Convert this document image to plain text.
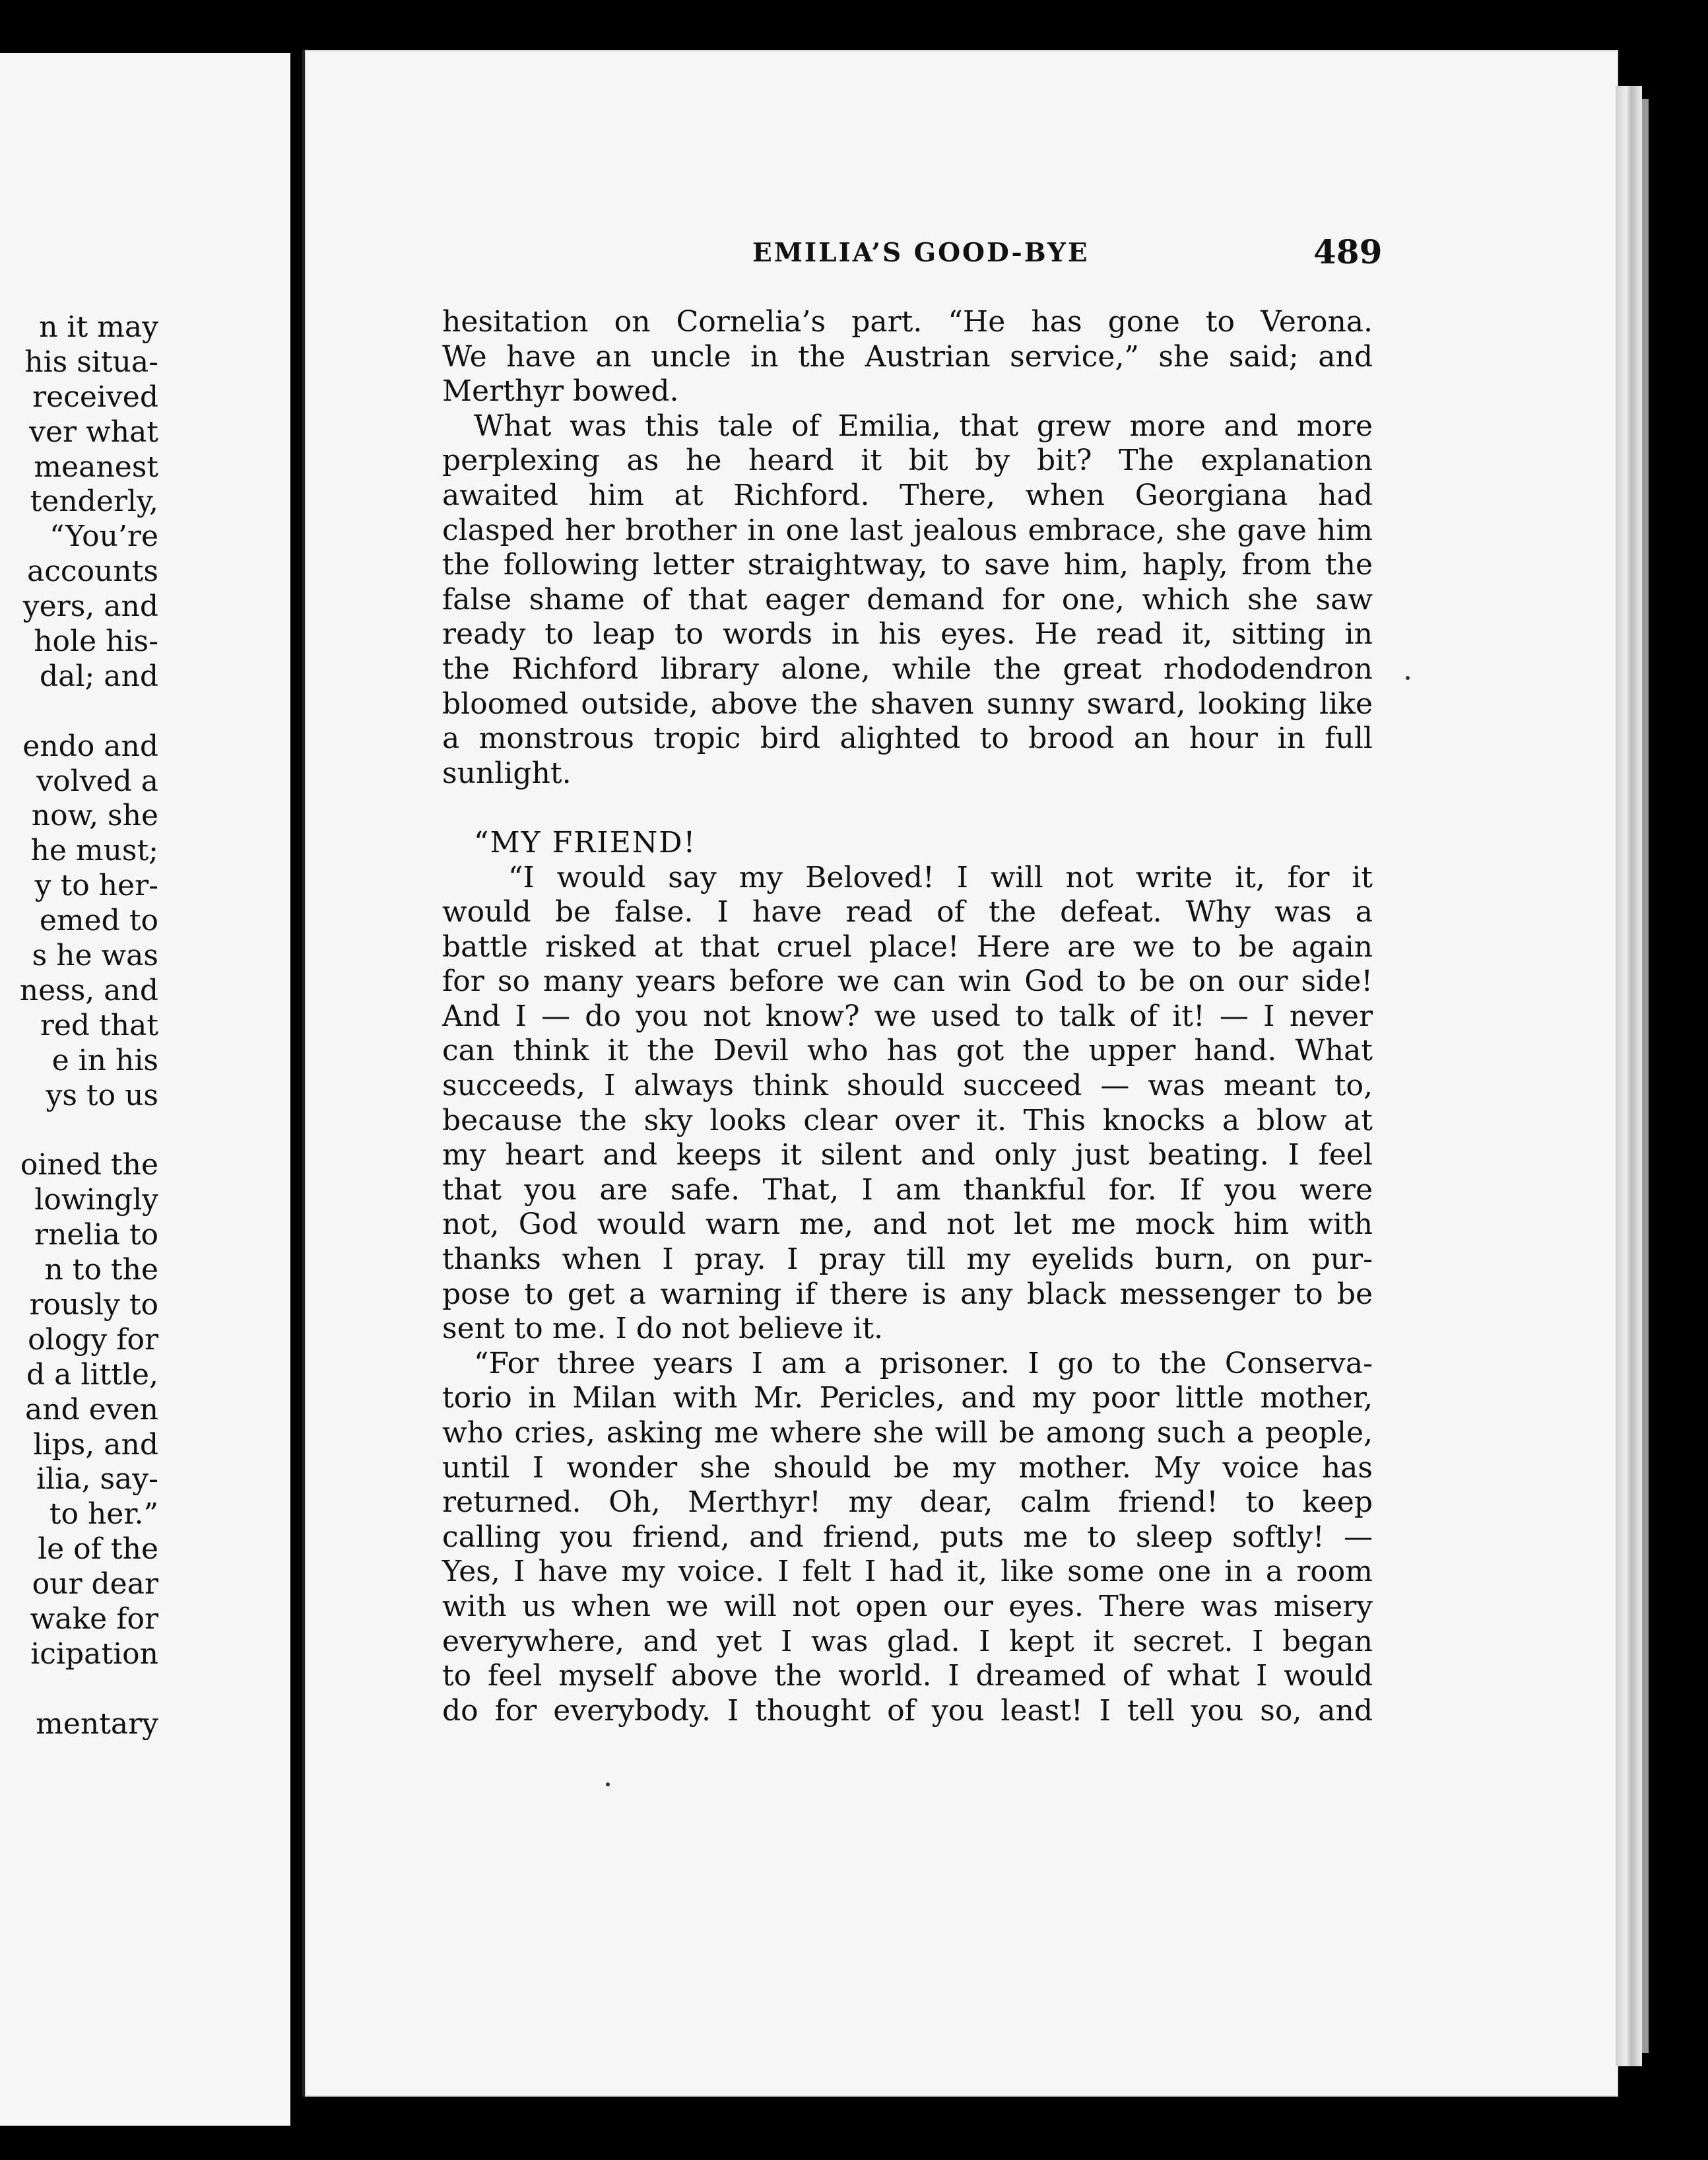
n it may
his situa-
received
ver what
meanest
tenderly,
“You’re
accounts
yers, and
hole his-
dal; and
endo and
volved a
now, she
he must;
y to her-
emed to
s he was
ness, and
red that
e in his
ys to us
oined the
lowingly
rnelia to
n to the
rously to
ology for
d a little,
and even
lips, and
ilia, say-
to her.”
le of the
our dear
wake for
icipation
mentary
EMILIA’S GOOD-BYE	489
hesitation on Cornelia’s part. “He has gone to Verona.
We have an uncle in the Austrian service,” she said; and
Merthyr bowed.
What was this tale of Emilia, that grew more and more
perplexing as he heard it bit by bit? The explanation
awaited him at Richford. There, when Georgiana had
clasped her brother in one last jealous embrace, she gave him
the following letter straightway, to save him, haply, from the
false shame of that eager demand for one, which she saw
ready to leap to words in his eyes. He read it, sitting in
the Richford library alone, while the great rhododendron
bloomed outside, above the shaven sunny sward, looking like
a monstrous tropic bird alighted to brood an hour in full
sunlight.
“MY FRIEND!
“I would say my Beloved! I will not write it, for it
would be false. I have read of the defeat. Why was a
battle risked at that cruel place! Here are we to be again
for so many years before we can win God to be on our side!
And I — do you not know? we used to talk of it! — I never
can think it the Devil who has got the upper hand. What
succeeds, I always think should succeed — was meant to,
because the sky looks clear over it. This knocks a blow at
my heart and keeps it silent and only just beating. I feel
that you are safe. That, I am thankful for. If you were
not, God would warn me, and not let me mock him with
thanks when I pray. I pray till my eyelids burn, on pur-
pose to get a warning if there is any black messenger to be
sent to me. I do not believe it.
“For three years I am a prisoner. I go to the Conserva-
torio in Milan with Mr. Pericles, and my poor little mother,
who cries, asking me where she will be among such a people,
until I wonder she should be my mother. My voice has
returned. Oh, Merthyr! my dear, calm friend! to keep
calling you friend, and friend, puts me to sleep softly! —
Yes, I have my voice. I felt I had it, like some one in a room
with us when we will not open our eyes. There was misery
everywhere, and yet I was glad. I kept it secret. I began
to feel myself above the world. I dreamed of what I would
do for everybody. I thought of you least! I tell you so, and
